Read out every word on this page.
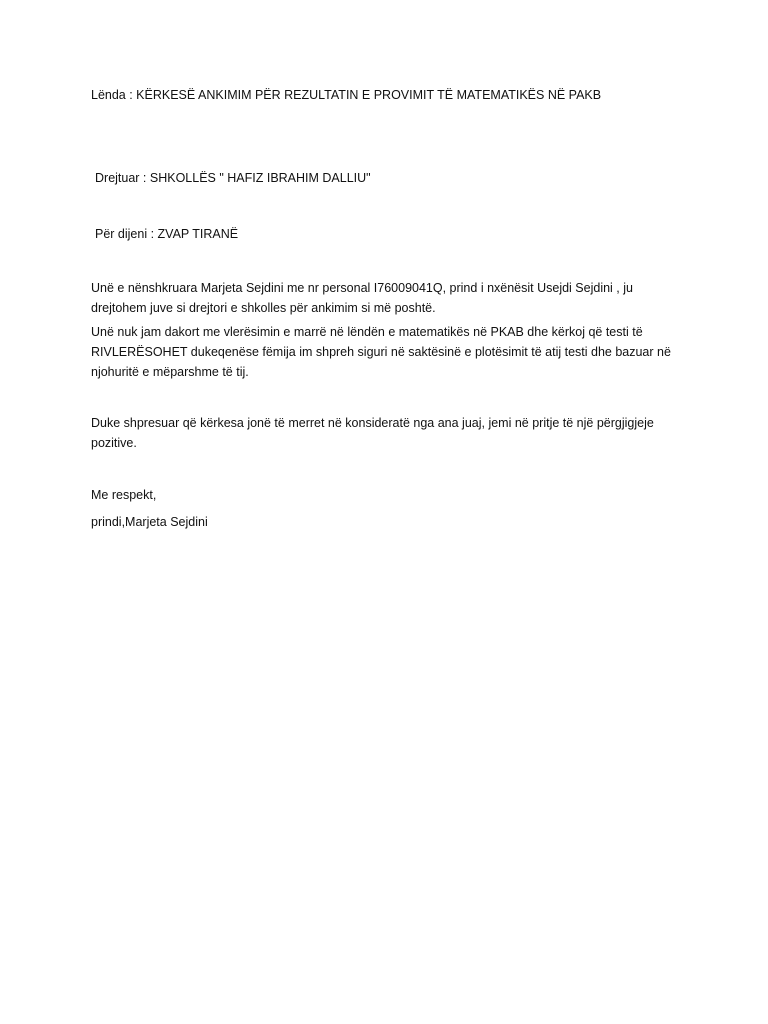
Lënda : KËRKESË ANKIMIM PËR REZULTATIN E PROVIMIT TË MATEMATIKËS NË PAKB
Drejtuar : SHKOLLËS " HAFIZ IBRAHIM DALLIU"
Për dijeni : ZVAP TIRANË

Unë e nënshkruara Marjeta Sejdini me nr personal I76009041Q, prind i nxënësit Usejdi Sejdini , ju drejtohem juve si drejtori e shkolles për ankimim si më poshtë.

Unë nuk jam dakort me vlerësimin e marrë në lëndën e matematikës në PKAB dhe kërkoj që testi të RIVLERËSOHET dukeqenëse fëmija im shpreh siguri në saktësinë e plotësimit të atij testi dhe bazuar në njohuritë e mëparshme të tij.

Duke shpresuar që kërkesa jonë të merret në konsideratë nga ana juaj, jemi në pritje të një përgjigjeje pozitive.

Me respekt,
prindi,Marjeta Sejdini
